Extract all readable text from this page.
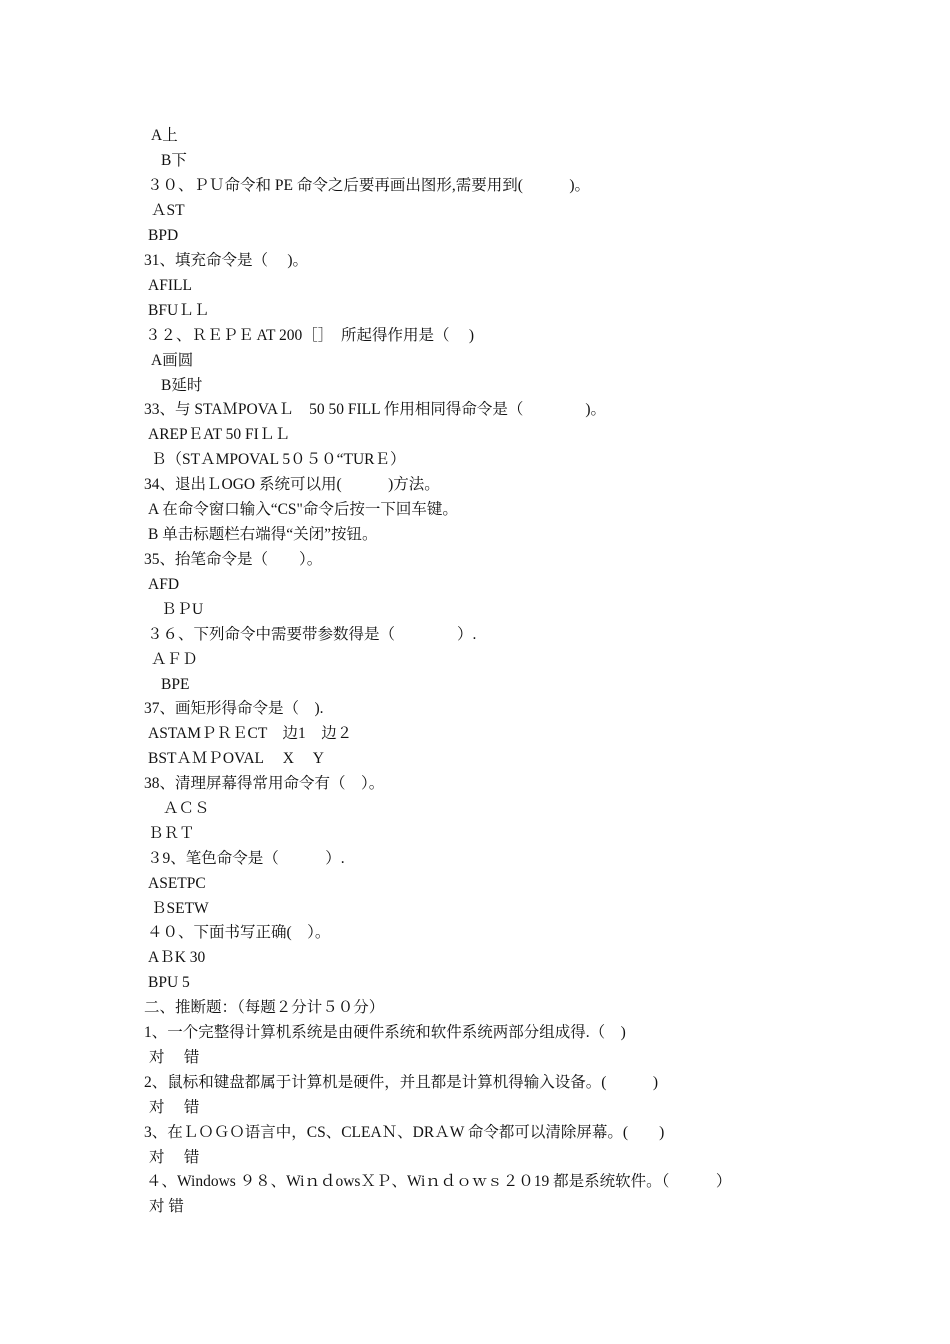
A上
B下
３０、ＰＵ命令和 PE 命令之后要再画出图形,需要用到(　　　)。
ＡST
BPD
31、填充命令是（　 )。
AFILL
BFUＬＬ
３２、ＲＥＰＥ AT 200［］　所起得作用是（　 )
A画圆
B延时
33、与 STAＭPOVAＬ　50 50 FILL 作用相同得命令是（　　　　)。
AREPＥAT 50 FIＬＬ
Ｂ（STＡMPOVAL 5０５０“TURＥ）
34、退出ＬOGO 系统可以用(　　　)方法。
A 在命令窗口输入“CS"命令后按一下回车键。
B 单击标题栏右端得“关闭”按钮。
35、抬笔命令是（　　）。
AFD
ＢＰU
３６、下列命令中需要带参数得是（　　　　）.
ＡＦＤ
BPE
37、画矩形得命令是（　).
ASTAMＰＲＥCT　边1　边２
BSTＡＭＰOVAL　 X　 Y
38、清理屏幕得常用命令有（　）。
ＡＣＳ
ＢＲＴ
３9、笔色命令是（　　　）.
ASETPC
ＢSETW
４０、下面书写正确(　）。
AＢK 30
BPU 5
二、推断题：（每题２分计５０分）
1、一个完整得计算机系统是由硬件系统和软件系统两部分组成得.（　)
对　 错
2、鼠标和键盘都属于计算机是硬件，并且都是计算机得输入设备。(　　　)
对　 错
3、在ＬＯＧＯ语言中，CS、CLEAＮ、DRＡW 命令都可以清除屏幕。(　　)
对　 错
４、Windows ９８、WiｎｄowsＸＰ、Wiｎｄｏｗｓ２０19 都是系统软件。（　　　）
对 错
